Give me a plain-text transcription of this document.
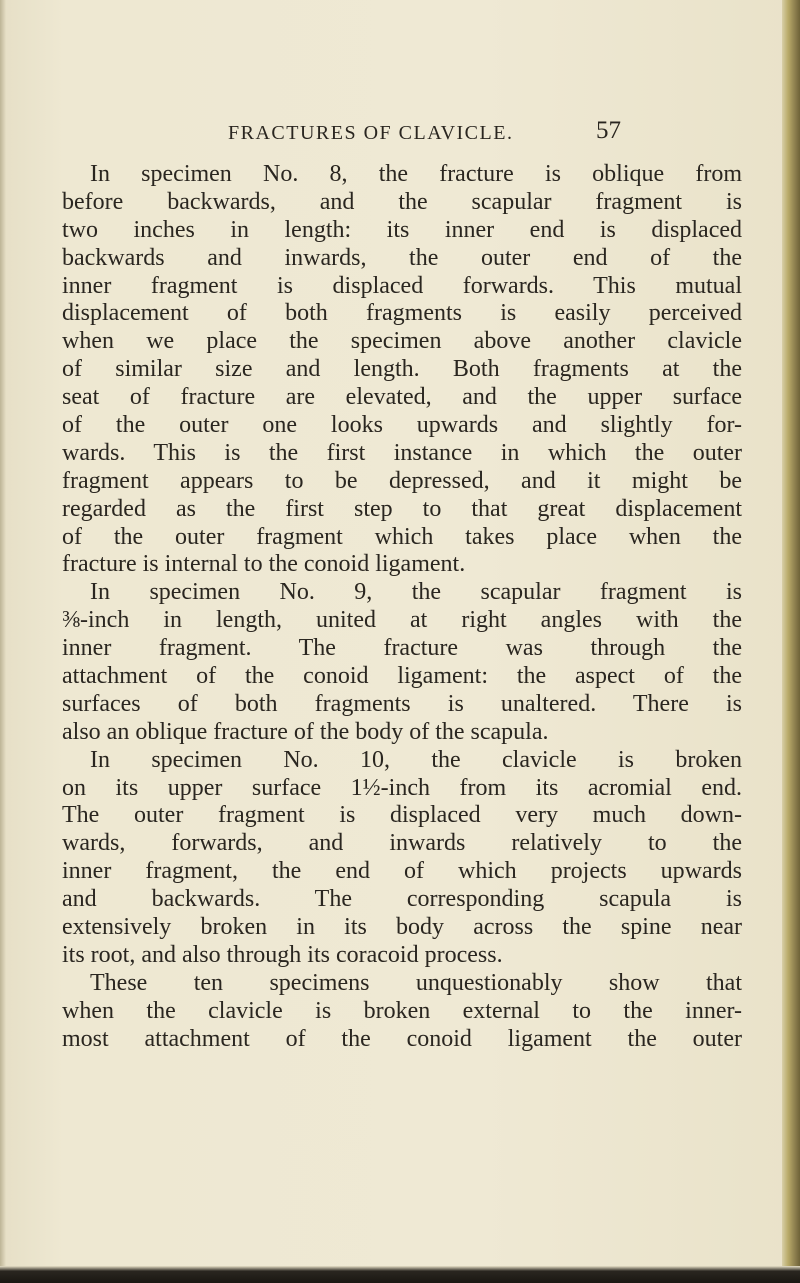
FRACTURES OF CLAVICLE.	57
In specimen No. 8, the fracture is oblique from
before backwards, and the scapular fragment is
two inches in length: its inner end is displaced
backwards and inwards, the outer end of the
inner fragment is displaced forwards. This mutual
displacement of both fragments is easily perceived
when we place the specimen above another clavicle
of similar size and length. Both fragments at the
seat of fracture are elevated, and the upper surface
of the outer one looks upwards and slightly for-
wards. This is the first instance in which the outer
fragment appears to be depressed, and it might be
regarded as the first step to that great displacement
of the outer fragment which takes place when the
fracture is internal to the conoid ligament.
In specimen No. 9, the scapular fragment is
⅜-inch in length, united at right angles with the
inner fragment. The fracture was through the
attachment of the conoid ligament: the aspect of the
surfaces of both fragments is unaltered. There is
also an oblique fracture of the body of the scapula.
In specimen No. 10, the clavicle is broken
on its upper surface 1½-inch from its acromial end.
The outer fragment is displaced very much down-
wards, forwards, and inwards relatively to the
inner fragment, the end of which projects upwards
and backwards. The corresponding scapula is
extensively broken in its body across the spine near
its root, and also through its coracoid process.
These ten specimens unquestionably show that
when the clavicle is broken external to the inner-
most attachment of the conoid ligament the outer
